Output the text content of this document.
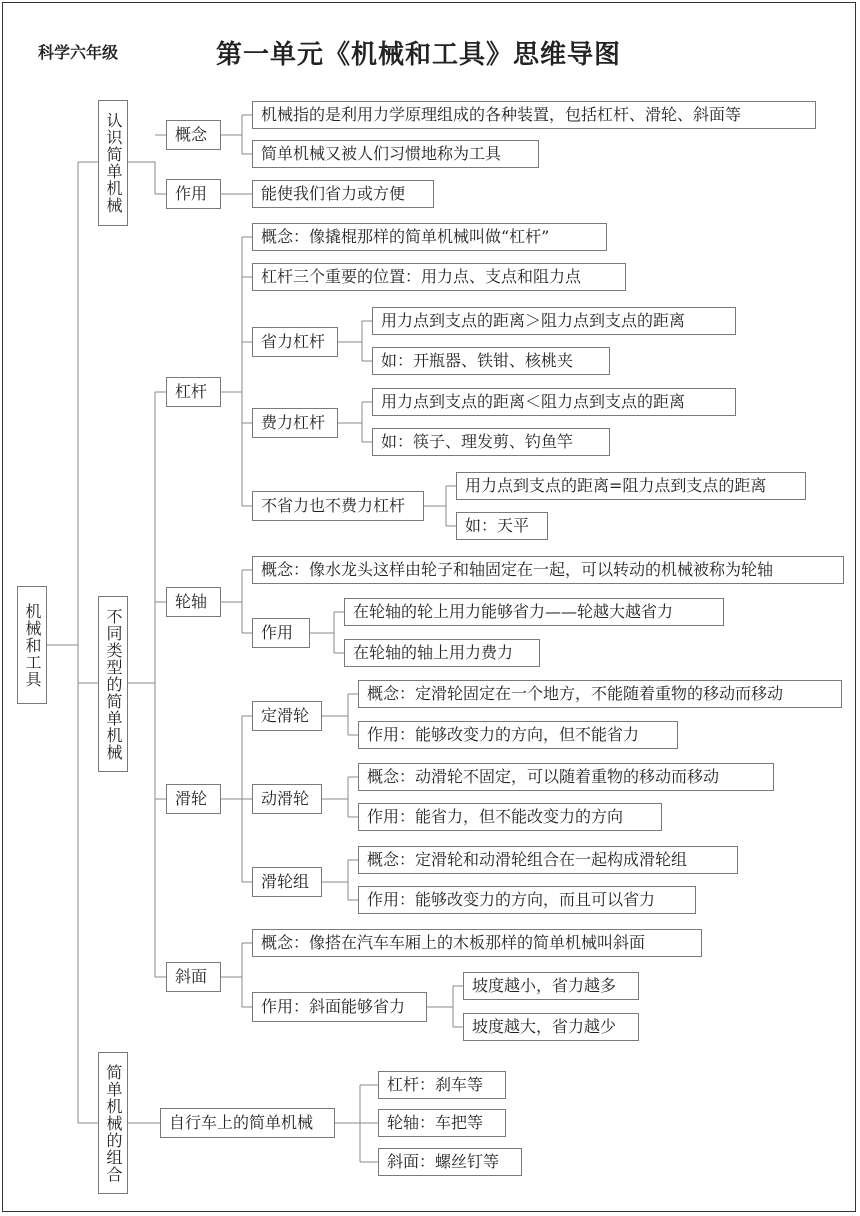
科学六年级	第一单元《机械和工具》思维导图
机械和工具
认识简单机械	概念
机械指的是利用力学原理组成的各种装置，包括杠杆、滑轮、斜面等
简单机械又被人们习惯地称为工具
作用	能使我们省力或方便
不同类型的简单机械
杠杆
概念：像撬棍那样的简单机械叫做“杠杆”
杠杆三个重要的位置：用力点、支点和阻力点
省力杠杆
用力点到支点的距离＞阻力点到支点的距离
如：开瓶器、铁钳、核桃夹
费力杠杆
用力点到支点的距离＜阻力点到支点的距离
如：筷子、理发剪、钓鱼竿
不省力也不费力杠杆
用力点到支点的距离=阻力点到支点的距离
如：天平
轮轴
概念：像水龙头这样由轮子和轴固定在一起，可以转动的机械被称为轮轴
作用
在轮轴的轮上用力能够省力——轮越大越省力
在轮轴的轴上用力费力
滑轮
定滑轮
概念：定滑轮固定在一个地方，不能随着重物的移动而移动
作用：能够改变力的方向，但不能省力
动滑轮
概念：动滑轮不固定，可以随着重物的移动而移动
作用：能省力，但不能改变力的方向
滑轮组
概念：定滑轮和动滑轮组合在一起构成滑轮组
作用：能够改变力的方向，而且可以省力
斜面
概念：像搭在汽车车厢上的木板那样的简单机械叫斜面
作用：斜面能够省力
坡度越小，省力越多
坡度越大，省力越少
简单机械的组合	自行车上的简单机械
杠杆：刹车等
轮轴：车把等
斜面：螺丝钉等
